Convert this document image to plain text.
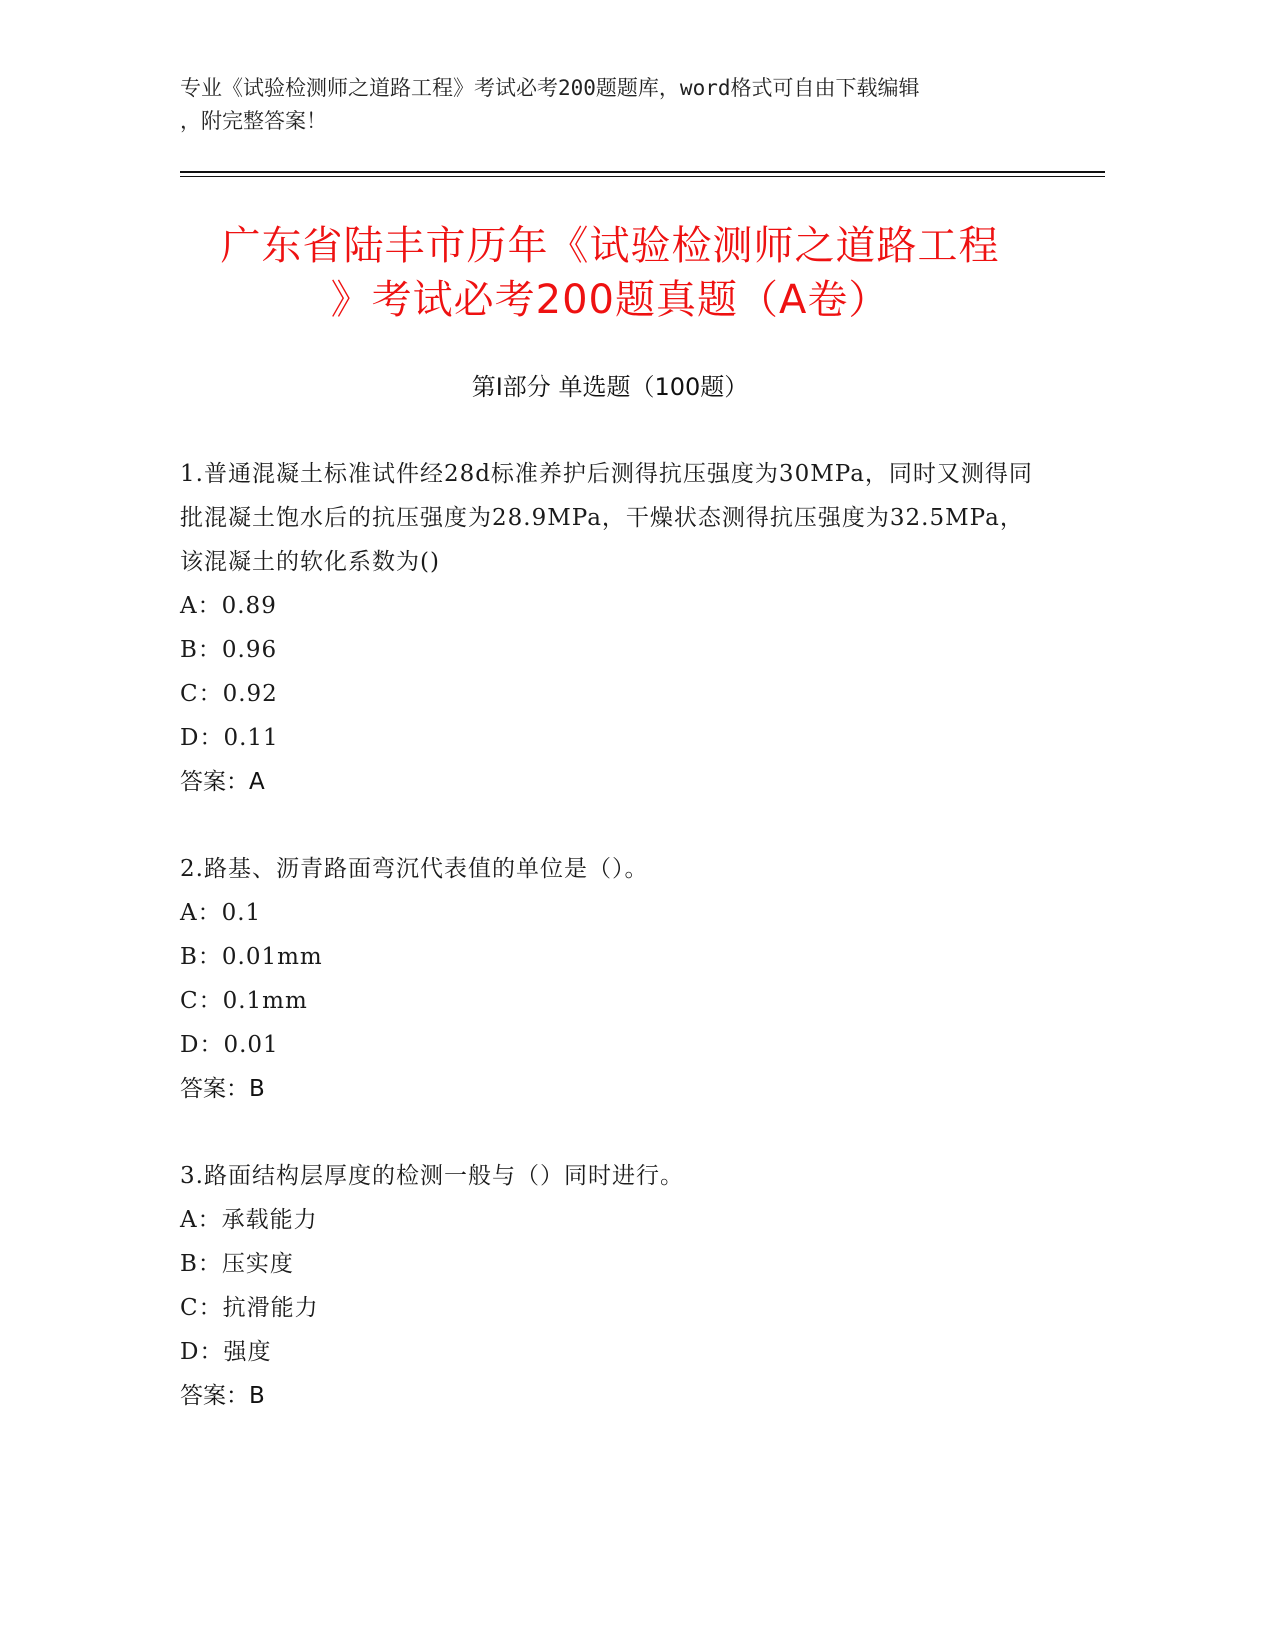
专业《试验检测师之道路工程》考试必考200题题库，word格式可自由下载编辑
，附完整答案！
广东省陆丰市历年《试验检测师之道路工程
》考试必考200题真题（A卷）
第Ⅰ部分 单选题（100题）
1.普通混凝土标准试件经28d标准养护后测得抗压强度为30MPa，同时又测得同批混凝土饱水后的抗压强度为28.9MPa，干燥状态测得抗压强度为32.5MPa，该混凝土的软化系数为()
A：0.89
B：0.96
C：0.92
D：0.11
答案：A
2.路基、沥青路面弯沉代表值的单位是（）。
A：0.1
B：0.01mm
C：0.1mm
D：0.01
答案：B
3.路面结构层厚度的检测一般与（）同时进行。
A：承载能力
B：压实度
C：抗滑能力
D：强度
答案：B
